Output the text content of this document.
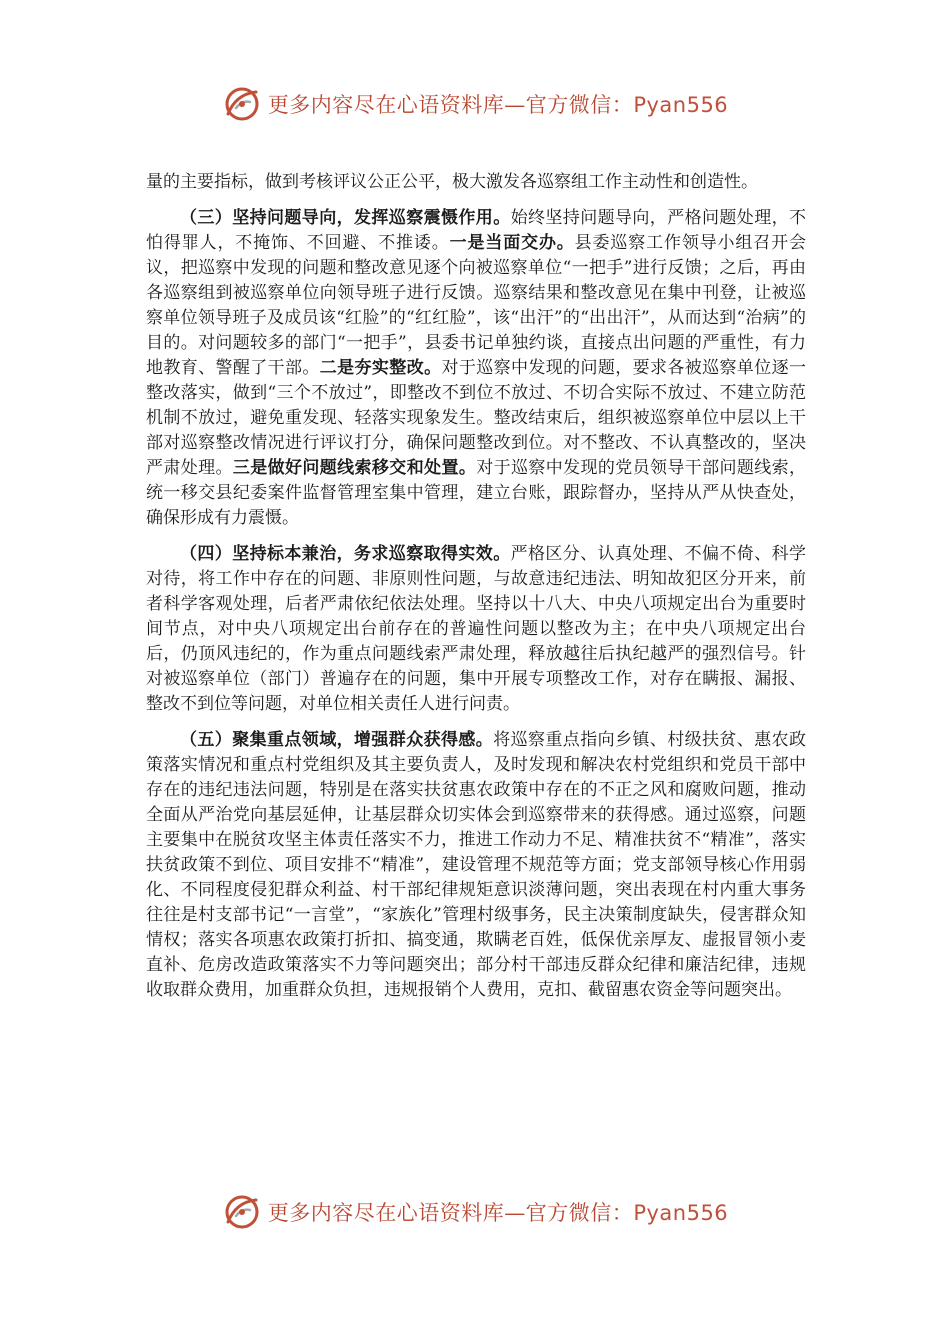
更多内容尽在心语资料库—官方微信：Pyan556

量的主要指标，做到考核评议公正公平，极大激发各巡察组工作主动性和创造性。

（三）坚持问题导向，发挥巡察震慑作用。始终坚持问题导向，严格问题处理，不怕得罪人，不掩饰、不回避、不推诿。一是当面交办。县委巡察工作领导小组召开会议，把巡察中发现的问题和整改意见逐个向被巡察单位“一把手”进行反馈；之后，再由各巡察组到被巡察单位向领导班子进行反馈。巡察结果和整改意见在集中刊登，让被巡察单位领导班子及成员该“红脸”的“红红脸”，该“出汗”的“出出汗”，从而达到“治病”的目的。对问题较多的部门“一把手”，县委书记单独约谈，直接点出问题的严重性，有力地教育、警醒了干部。二是夯实整改。对于巡察中发现的问题，要求各被巡察单位逐一整改落实，做到“三个不放过”，即整改不到位不放过、不切合实际不放过、不建立防范机制不放过，避免重发现、轻落实现象发生。整改结束后，组织被巡察单位中层以上干部对巡察整改情况进行评议打分，确保问题整改到位。对不整改、不认真整改的，坚决严肃处理。三是做好问题线索移交和处置。对于巡察中发现的党员领导干部问题线索，统一移交县纪委案件监督管理室集中管理，建立台账，跟踪督办，坚持从严从快查处，确保形成有力震慑。

（四）坚持标本兼治，务求巡察取得实效。严格区分、认真处理、不偏不倚、科学对待，将工作中存在的问题、非原则性问题，与故意违纪违法、明知故犯区分开来，前者科学客观处理，后者严肃依纪依法处理。坚持以十八大、中央八项规定出台为重要时间节点，对中央八项规定出台前存在的普遍性问题以整改为主；在中央八项规定出台后，仍顶风违纪的，作为重点问题线索严肃处理，释放越往后执纪越严的强烈信号。针对被巡察单位（部门）普遍存在的问题，集中开展专项整改工作，对存在瞒报、漏报、整改不到位等问题，对单位相关责任人进行问责。

（五）聚集重点领域，增强群众获得感。将巡察重点指向乡镇、村级扶贫、惠农政策落实情况和重点村党组织及其主要负责人，及时发现和解决农村党组织和党员干部中存在的违纪违法问题，特别是在落实扶贫惠农政策中存在的不正之风和腐败问题，推动全面从严治党向基层延伸，让基层群众切实体会到巡察带来的获得感。通过巡察，问题主要集中在脱贫攻坚主体责任落实不力，推进工作动力不足、精准扶贫不“精准”，落实扶贫政策不到位、项目安排不“精准”，建设管理不规范等方面；党支部领导核心作用弱化、不同程度侵犯群众利益、村干部纪律规矩意识淡薄问题，突出表现在村内重大事务往往是村支部书记“一言堂”，“家族化”管理村级事务，民主决策制度缺失，侵害群众知情权；落实各项惠农政策打折扣、搞变通，欺瞒老百姓，低保优亲厚友、虚报冒领小麦直补、危房改造政策落实不力等问题突出；部分村干部违反群众纪律和廉洁纪律，违规收取群众费用，加重群众负担，违规报销个人费用，克扣、截留惠农资金等问题突出。

更多内容尽在心语资料库—官方微信：Pyan556
